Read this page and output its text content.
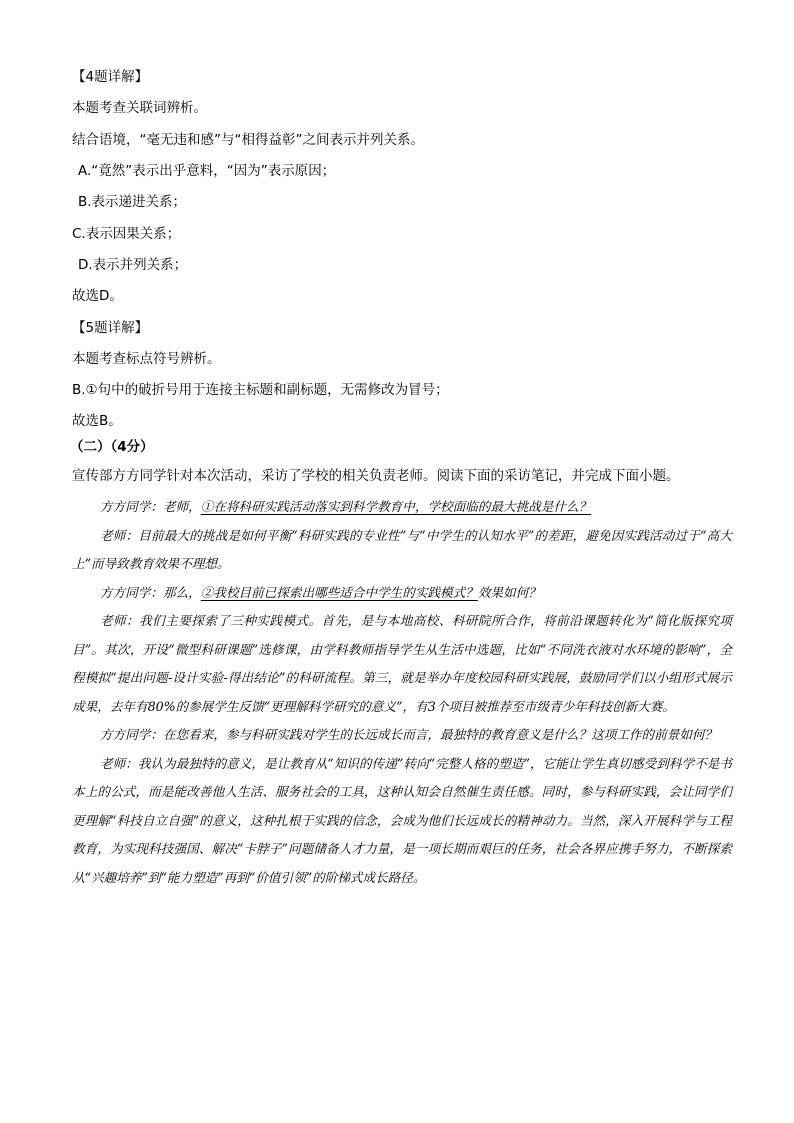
【4题详解】
本题考查关联词辨析。
结合语境，“毫无违和感”与“相得益彰”之间表示并列关系。
A.“竟然”表示出乎意料，“因为”表示原因；
B.表示递进关系；
C.表示因果关系；
D.表示并列关系；
故选D。
【5题详解】
本题考查标点符号辨析。
B.①句中的破折号用于连接主标题和副标题，无需修改为冒号；
故选B。
（二）（4分）
宣传部方方同学针对本次活动，采访了学校的相关负责老师。阅读下面的采访笔记，并完成下面小题。

方方同学：老师，①在将科研实践活动落实到科学教育中，学校面临的最大挑战是什么？

老师：目前最大的挑战是如何平衡“科研实践的专业性”与“中学生的认知水平”的差距，避免因实践活动过于“高大上”而导致教育效果不理想。

方方同学：那么，②我校目前已探索出哪些适合中学生的实践模式？效果如何？

老师：我们主要探索了三种实践模式。首先，是与本地高校、科研院所合作，将前沿课题转化为“简化版探究项目”。其次，开设“微型科研课题”选修课，由学科教师指导学生从生活中选题，比如“不同洗衣液对水环境的影响”，全程模拟“提出问题-设计实验-得出结论”的科研流程。第三，就是举办年度校园科研实践展，鼓励同学们以小组形式展示成果，去年有80%的参展学生反馈“更理解科学研究的意义”，有3个项目被推荐至市级青少年科技创新大赛。

方方同学：在您看来，参与科研实践对学生的长远成长而言，最独特的教育意义是什么？这项工作的前景如何？

老师：我认为最独特的意义，是让教育从“知识的传递”转向“完整人格的塑造”，它能让学生真切感受到科学不是书本上的公式，而是能改善他人生活、服务社会的工具，这种认知会自然催生责任感。同时，参与科研实践，会让同学们更理解“科技自立自强”的意义，这种扎根于实践的信念，会成为他们长远成长的精神动力。当然，深入开展科学与工程教育，为实现科技强国、解决“卡脖子”问题储备人才力量，是一项长期而艰巨的任务，社会各界应携手努力，不断探索从“兴趣培养”到“能力塑造”再到“价值引领”的阶梯式成长路径。
